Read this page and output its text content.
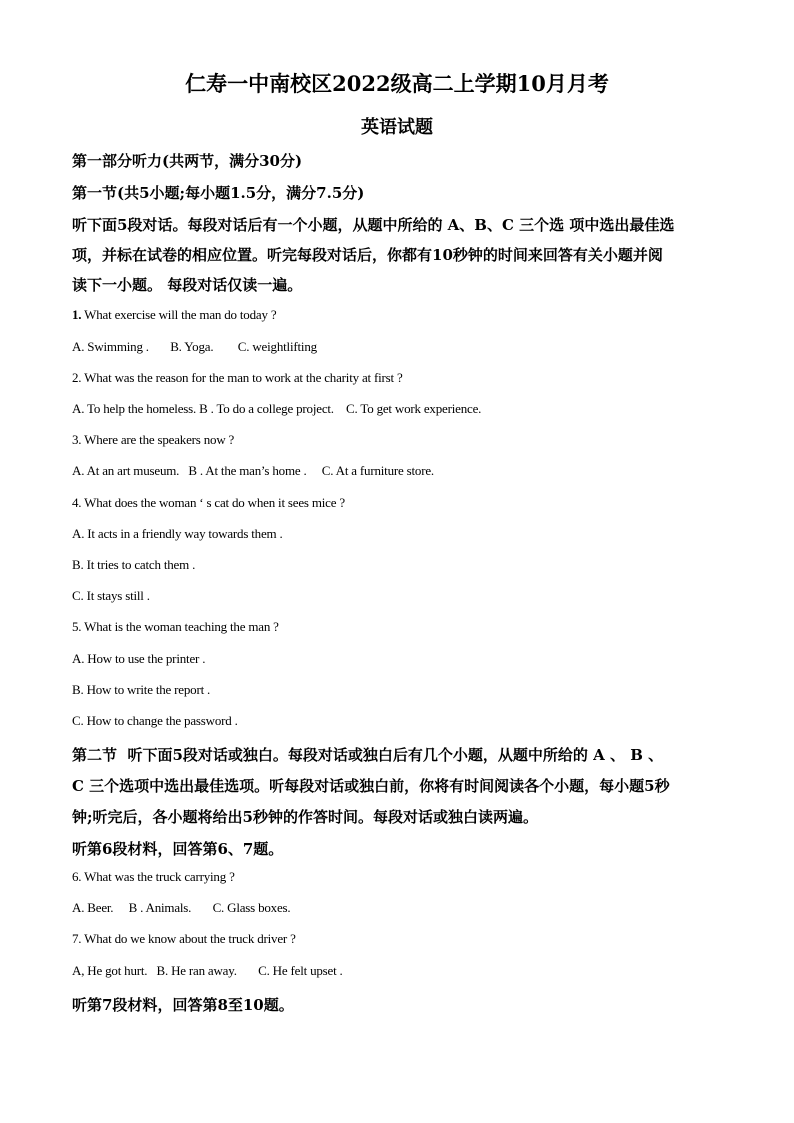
仁寿一中南校区2022级高二上学期10月月考
英语试题
第一部分听力(共两节，满分30分)
第一节(共5小题;每小题1.5分，满分7.5分)
听下面5段对话。每段对话后有一个小题，从题中所给的 A、B、C 三个选 项中选出最佳选
项，并标在试卷的相应位置。听完每段对话后，你都有10秒钟的时间来回答有关小题并阅
读下一小题。 每段对话仅读一遍。
1. What exercise will the man do today ?
A. Swimming .       B. Yoga.        C. weightlifting
2. What was the reason for the man to work at the charity at first ?
A. To help the homeless. B . To do a college project.    C. To get work experience.
3. Where are the speakers now ?
A. At an art museum.   B . At the man’s home .     C. At a furniture store.
4. What does the woman ‘ s cat do when it sees mice ?
A. It acts in a friendly way towards them .
B. It tries to catch them .
C. It stays still .
5. What is the woman teaching the man ?
A. How to use the printer .
B. How to write the report .
C. How to change the password .
第二节  听下面5段对话或独白。每段对话或独白后有几个小题，从题中所给的 A 、 B 、
C 三个选项中选出最佳选项。听每段对话或独白前，你将有时间阅读各个小题，每小题5秒
钟;听完后，各小题将给出5秒钟的作答时间。每段对话或独白读两遍。
听第6段材料，回答第6、7题。
6. What was the truck carrying ?
A. Beer.     B . Animals.       C. Glass boxes.
7. What do we know about the truck driver ?
A, He got hurt.   B. He ran away.       C. He felt upset .
听第7段材料，回答第8至10题。
